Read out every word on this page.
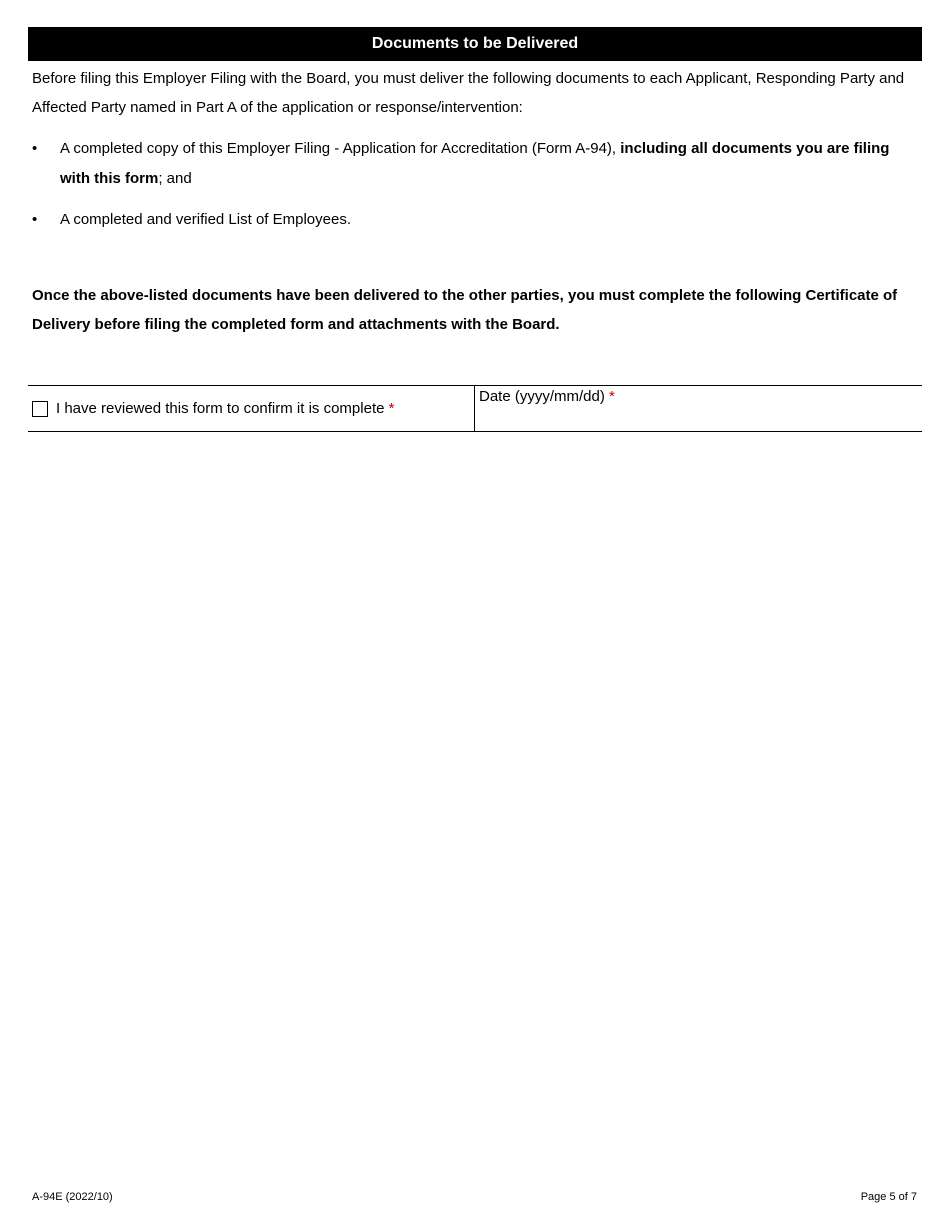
Documents to be Delivered

Before filing this Employer Filing with the Board, you must deliver the following documents to each Applicant, Responding Party and Affected Party named in Part A of the application or response/intervention:

•	A completed copy of this Employer Filing - Application for Accreditation (Form A-94), including all documents you are filing with this form; and
•	A completed and verified List of Employees.

Once the above-listed documents have been delivered to the other parties, you must complete the following Certificate of Delivery before filing the completed form and attachments with the Board.

I have reviewed this form to confirm it is complete *
Date (yyyy/mm/dd) *
A-94E (2022/10)	Page 5 of 7
